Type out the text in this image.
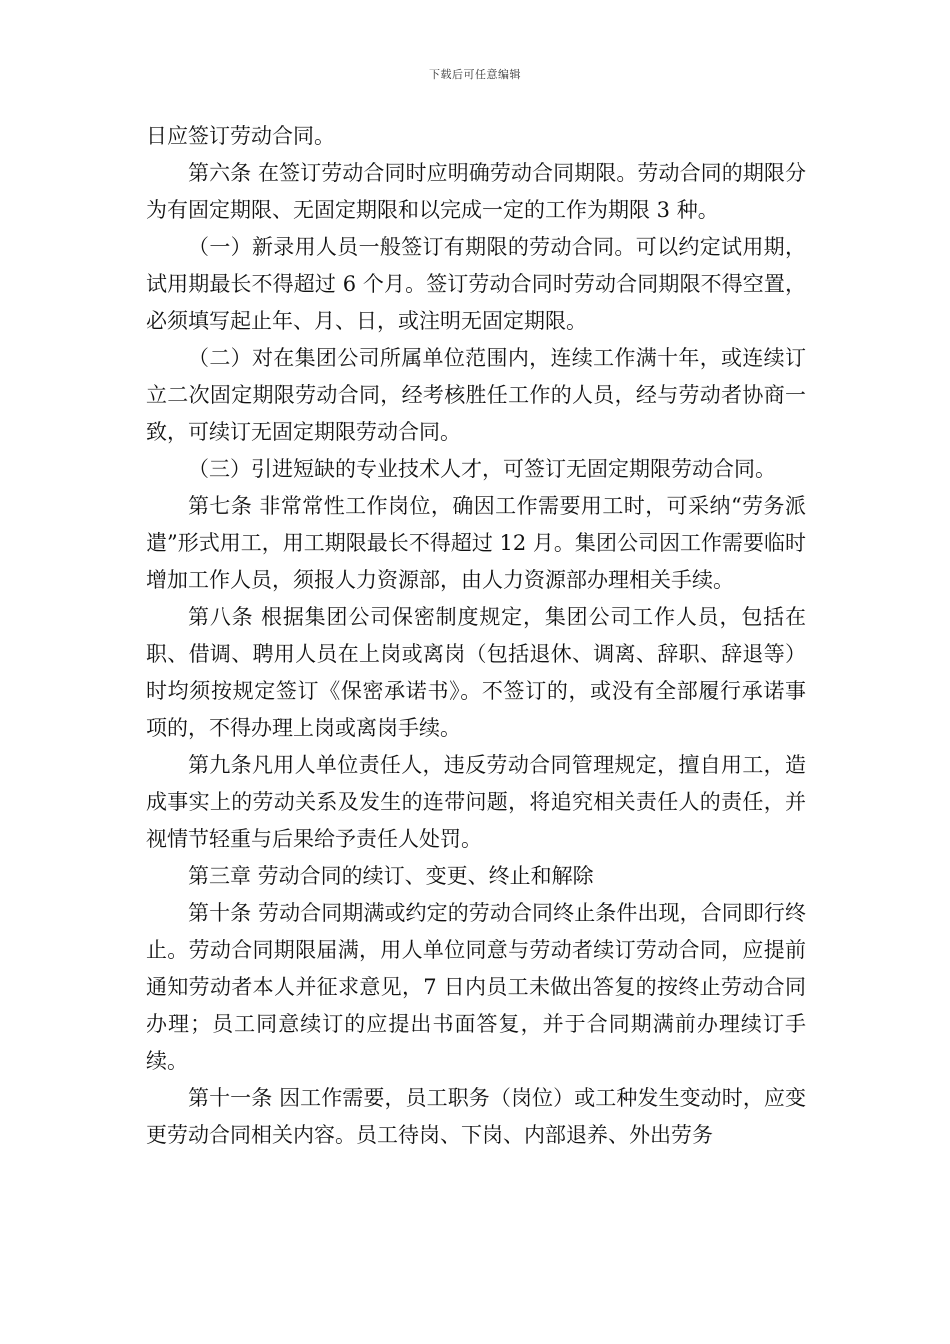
下载后可任意编辑

日应签订劳动合同。

第六条 在签订劳动合同时应明确劳动合同期限。劳动合同的期限分为有固定期限、无固定期限和以完成一定的工作为期限 3 种。

（一）新录用人员一般签订有期限的劳动合同。可以约定试用期，试用期最长不得超过 6 个月。签订劳动合同时劳动合同期限不得空置，必须填写起止年、月、日，或注明无固定期限。

（二）对在集团公司所属单位范围内，连续工作满十年，或连续订立二次固定期限劳动合同，经考核胜任工作的人员，经与劳动者协商一致，可续订无固定期限劳动合同。

（三）引进短缺的专业技术人才，可签订无固定期限劳动合同。

第七条 非常常性工作岗位，确因工作需要用工时，可采纳“劳务派遣”形式用工，用工期限最长不得超过 12 月。集团公司因工作需要临时增加工作人员，须报人力资源部，由人力资源部办理相关手续。

第八条 根据集团公司保密制度规定，集团公司工作人员，包括在职、借调、聘用人员在上岗或离岗（包括退休、调离、辞职、辞退等）时均须按规定签订《保密承诺书》。不签订的，或没有全部履行承诺事项的，不得办理上岗或离岗手续。

第九条凡用人单位责任人，违反劳动合同管理规定，擅自用工，造成事实上的劳动关系及发生的连带问题，将追究相关责任人的责任，并视情节轻重与后果给予责任人处罚。

第三章 劳动合同的续订、变更、终止和解除

第十条 劳动合同期满或约定的劳动合同终止条件出现，合同即行终止。劳动合同期限届满，用人单位同意与劳动者续订劳动合同，应提前通知劳动者本人并征求意见，7 日内员工未做出答复的按终止劳动合同办理；员工同意续订的应提出书面答复，并于合同期满前办理续订手续。

第十一条 因工作需要，员工职务（岗位）或工种发生变动时，应变更劳动合同相关内容。员工待岗、下岗、内部退养、外出劳务
